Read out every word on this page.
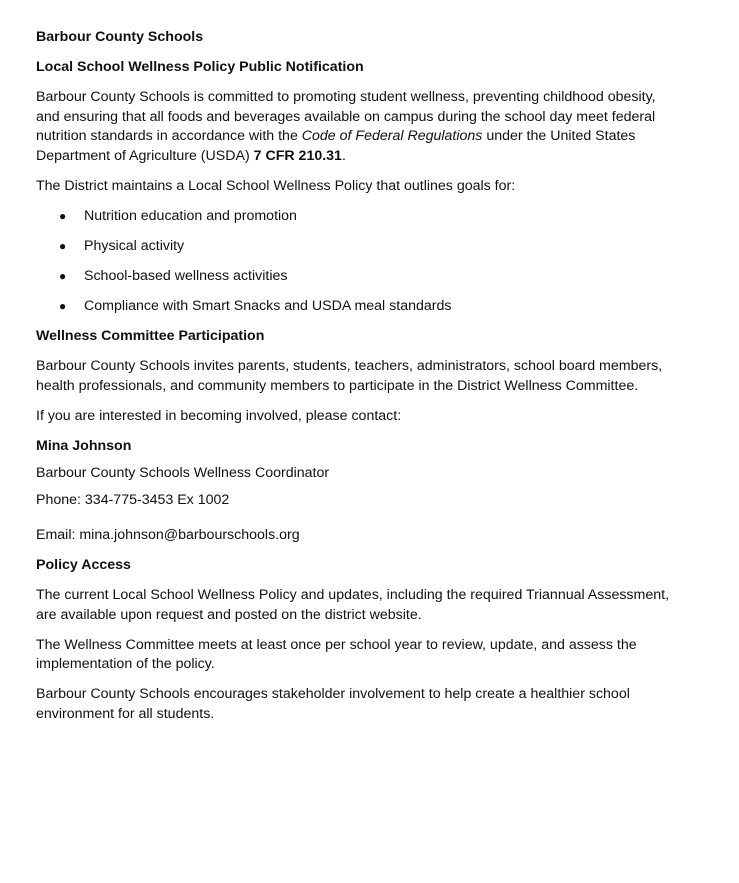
Barbour County Schools

Local School Wellness Policy Public Notification

Barbour County Schools is committed to promoting student wellness, preventing childhood obesity, and ensuring that all foods and beverages available on campus during the school day meet federal nutrition standards in accordance with the Code of Federal Regulations under the United States Department of Agriculture (USDA) 7 CFR 210.31.

The District maintains a Local School Wellness Policy that outlines goals for:

● Nutrition education and promotion
● Physical activity
● School-based wellness activities
● Compliance with Smart Snacks and USDA meal standards

Wellness Committee Participation

Barbour County Schools invites parents, students, teachers, administrators, school board members, health professionals, and community members to participate in the District Wellness Committee.

If you are interested in becoming involved, please contact:

Mina Johnson

Barbour County Schools Wellness Coordinator

Phone: 334-775-3453 Ex 1002

Email: mina.johnson@barbourschools.org

Policy Access

The current Local School Wellness Policy and updates, including the required Triannual Assessment, are available upon request and posted on the district website.

The Wellness Committee meets at least once per school year to review, update, and assess the implementation of the policy.

Barbour County Schools encourages stakeholder involvement to help create a healthier school environment for all students.
